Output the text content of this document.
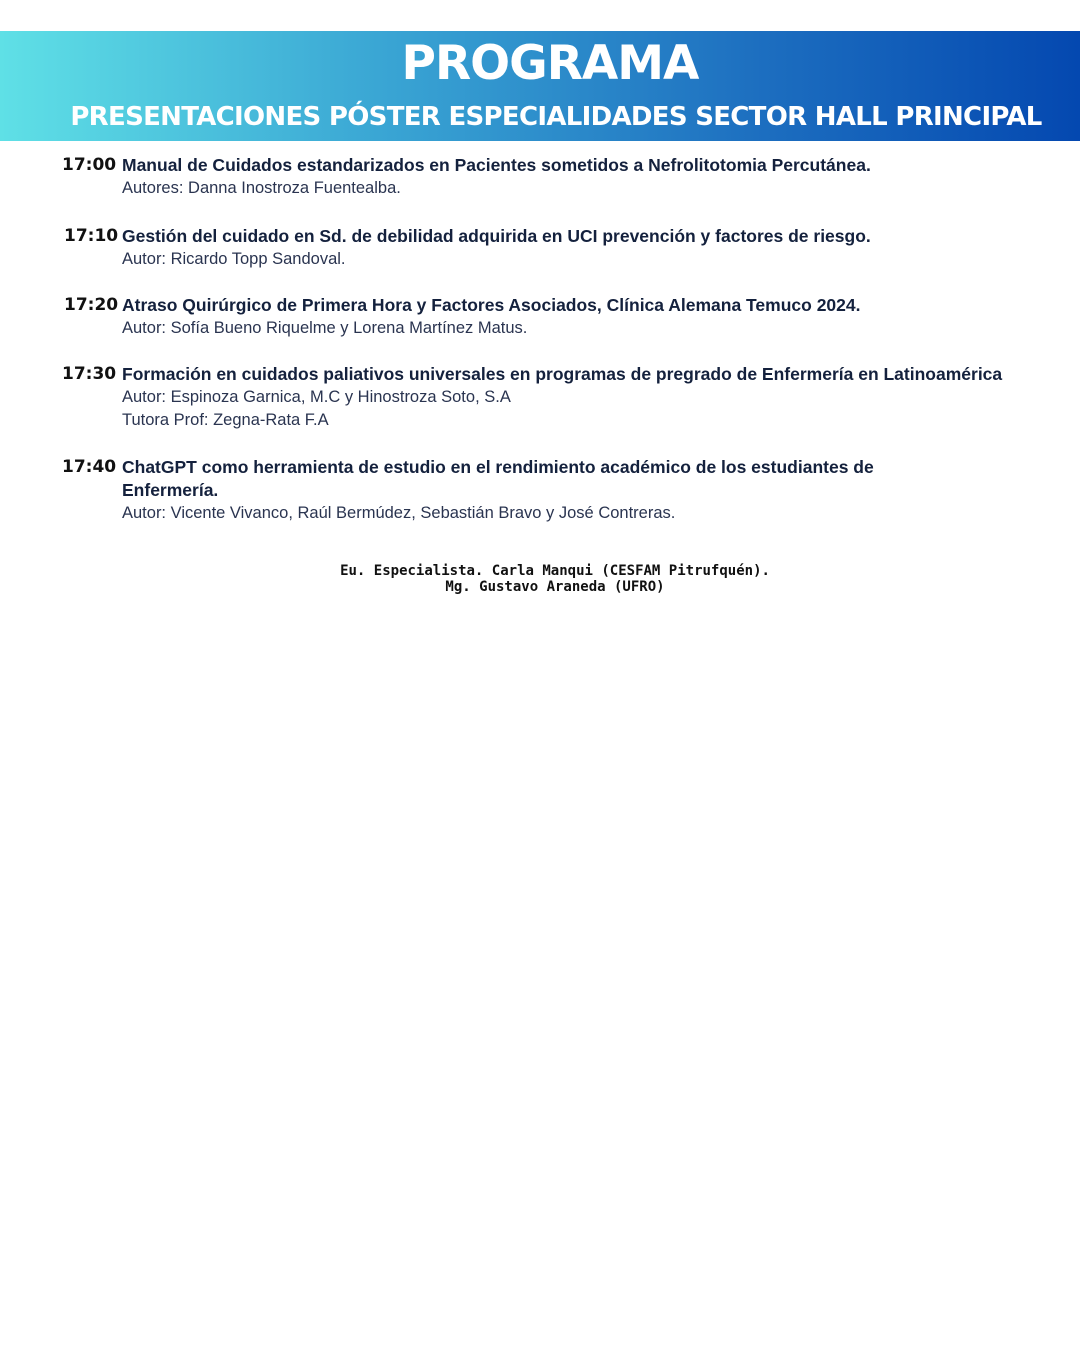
PROGRAMA
PRESENTACIONES PÓSTER ESPECIALIDADES SECTOR HALL PRINCIPAL
17:00 Manual de Cuidados estandarizados en Pacientes sometidos a Nefrolitotomia Percutánea.
Autores: Danna Inostroza Fuentealba.
17:10 Gestión del cuidado en Sd. de debilidad adquirida en UCI prevención y factores de riesgo.
Autor: Ricardo Topp Sandoval.
17:20 Atraso Quirúrgico de Primera Hora y Factores Asociados, Clínica Alemana Temuco 2024.
Autor: Sofía Bueno Riquelme y Lorena Martínez Matus.
17:30 Formación en cuidados paliativos universales en programas de pregrado de Enfermería en Latinoamérica
Autor: Espinoza Garnica, M.C y Hinostroza Soto, S.A
Tutora Prof: Zegna-Rata F.A
17:40 ChatGPT como herramienta de estudio en el rendimiento académico de los estudiantes de
Enfermería.
Autor: Vicente Vivanco, Raúl Bermúdez, Sebastián Bravo y José Contreras.
Eu. Especialista. Carla Manqui (CESFAM Pitrufquén).
Mg. Gustavo Araneda (UFRO)
